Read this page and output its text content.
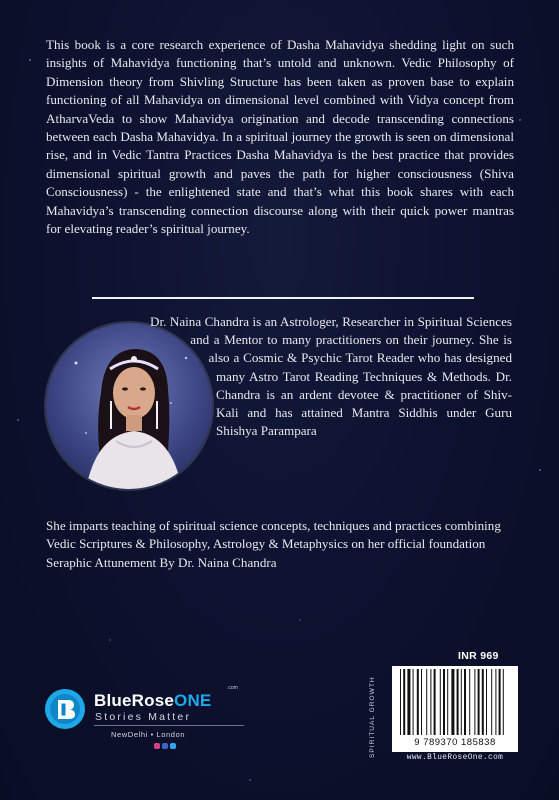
This book is a core research experience of Dasha Mahavidya shedding light on such insights of Mahavidya functioning that’s untold and unknown. Vedic Philosophy of Dimension theory from Shivling Structure has been taken as proven base to explain functioning of all Mahavidya on dimensional level combined with Vidya concept from AtharvaVeda to show Mahavidya origination and decode transcending connections between each Dasha Mahavidya. In a spiritual journey the growth is seen on dimensional rise, and in Vedic Tantra Practices Dasha Mahavidya is the best practice that provides dimensional spiritual growth and paves the path for higher consciousness (Shiva Consciousness) - the enlightened state and that’s what this book shares with each Mahavidya’s transcending connection discourse along with their quick power mantras for elevating reader’s spiritual journey.

Dr. Naina Chandra is an Astrologer, Researcher in Spiritual Sciences and a Mentor to many practitioners on their journey. She is also a Cosmic & Psychic Tarot Reader who has designed many Astro Tarot Reading Techniques & Methods. Dr. Chandra is an ardent devotee & practitioner of Shiv-Kali and has attained Mantra Siddhis under Guru Shishya Parampara

She imparts teaching of spiritual science concepts, techniques and practices combining Vedic Scriptures & Philosophy, Astrology & Metaphysics on her official foundation Seraphic Attunement By Dr. Naina Chandra

BlueRoseONE
.com
Stories Matter
NewDelhi • London
INR 969
SPIRITUAL GROWTH	9 789370 185838
www.BlueRoseOne.com
